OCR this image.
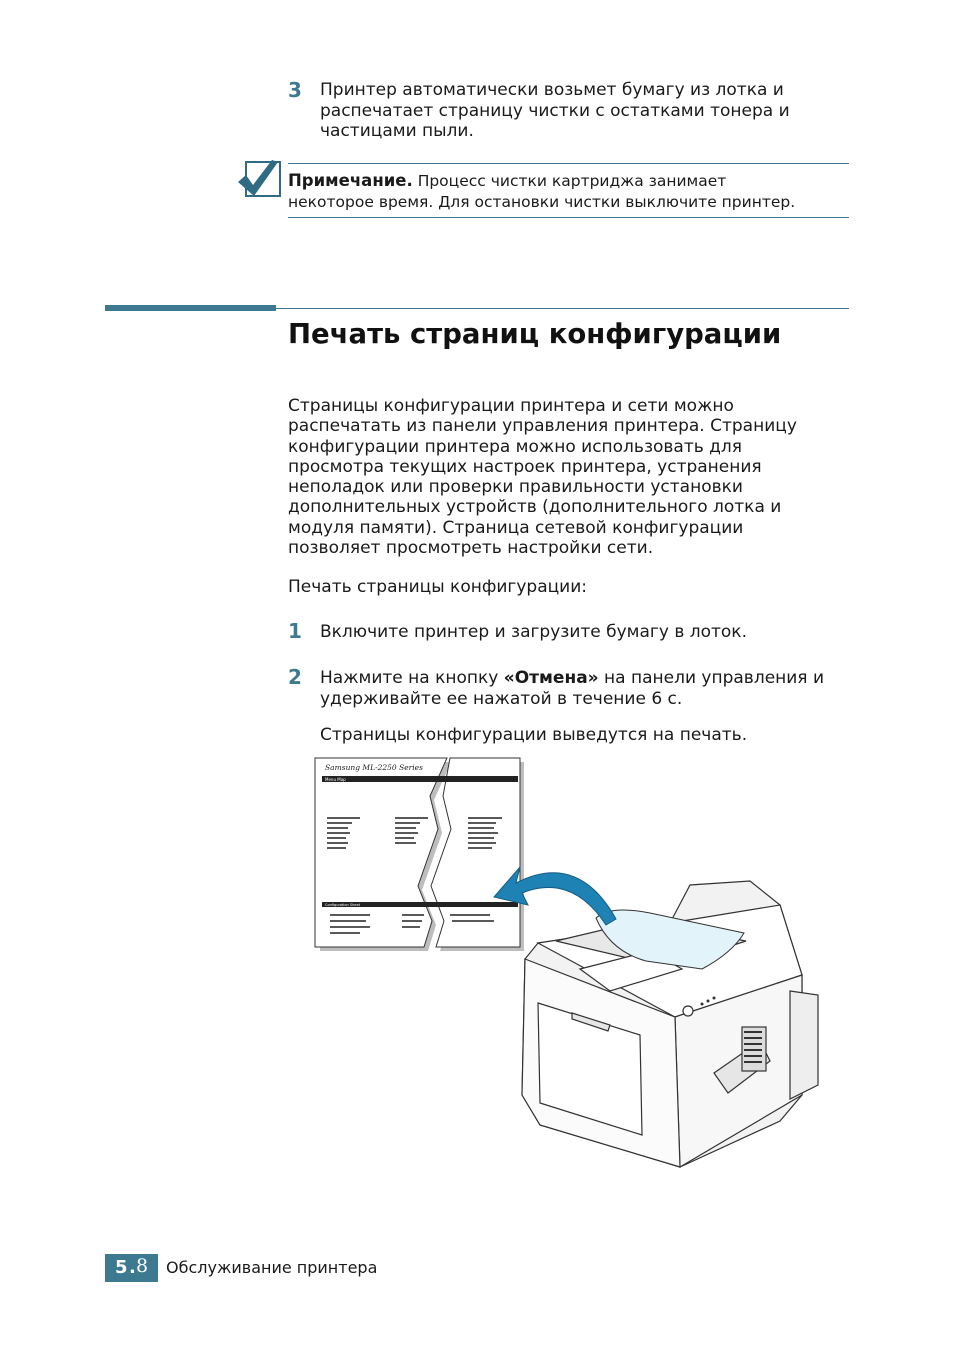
3 Принтер автоматически возьмет бумагу из лотка и
распечатает страницу чистки с остатками тонера и
частицами пыли.
Примечание. Процесс чистки картриджа занимает
некоторое время. Для остановки чистки выключите принтер.
Печать страниц конфигурации
Страницы конфигурации принтера и сети можно
распечатать из панели управления принтера. Страницу
конфигурации принтера можно использовать для
просмотра текущих настроек принтера, устранения
неполадок или проверки правильности установки
дополнительных устройств (дополнительного лотка и
модуля памяти). Страница сетевой конфигурации
позволяет просмотреть настройки сети.
Печать страницы конфигурации:
1 Включите принтер и загрузите бумагу в лоток.
2 Нажмите на кнопку «Отмена» на панели управления и
удерживайте ее нажатой в течение 6 с.
Страницы конфигурации выведутся на печать.
Samsung ML-2250 Series
Menu Map
Configuration Sheet
5 . 8 Обслуживание принтера
